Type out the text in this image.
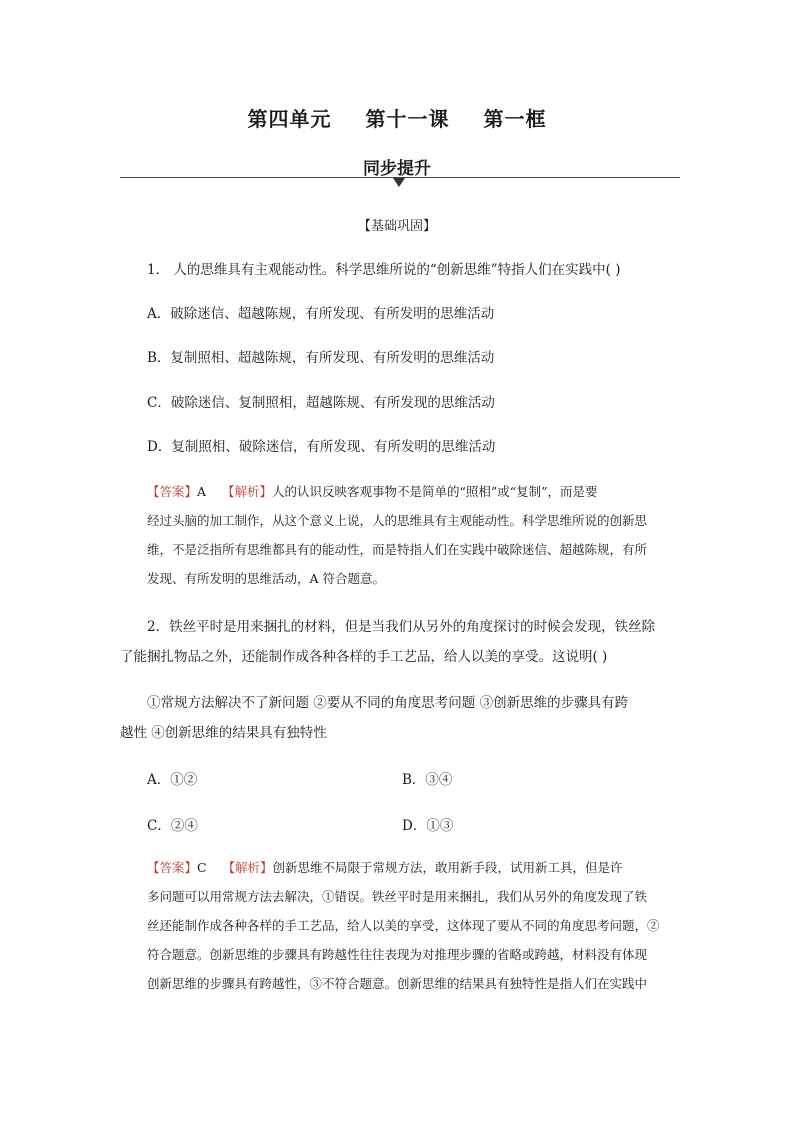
第四单元 第十一课 第一框
同步提升
【基础巩固】
1． 人的思维具有主观能动性。科学思维所说的“创新思维”特指人们在实践中( )
A．破除迷信、超越陈规，有所发现、有所发明的思维活动
B．复制照相、超越陈规，有所发现、有所发明的思维活动
C．破除迷信、复制照相，超越陈规、有所发现的思维活动
D．复制照相、破除迷信，有所发现、有所发明的思维活动
【答案】A 【解析】人的认识反映客观事物不是简单的“照相”或“复制”，而是要
经过头脑的加工制作，从这个意义上说，人的思维具有主观能动性。科学思维所说的创新思
维，不是泛指所有思维都具有的能动性，而是特指人们在实践中破除迷信、超越陈规，有所
发现、有所发明的思维活动，A 符合题意。
2．铁丝平时是用来捆扎的材料，但是当我们从另外的角度探讨的时候会发现，铁丝除
了能捆扎物品之外，还能制作成各种各样的手工艺品，给人以美的享受。这说明( )
①常规方法解决不了新问题 ②要从不同的角度思考问题 ③创新思维的步骤具有跨
越性 ④创新思维的结果具有独特性
A．①②	B．③④
C．②④	D．①③
【答案】C 【解析】创新思维不局限于常规方法，敢用新手段，试用新工具，但是许
多问题可以用常规方法去解决，①错误。铁丝平时是用来捆扎，我们从另外的角度发现了铁
丝还能制作成各种各样的手工艺品，给人以美的享受，这体现了要从不同的角度思考问题，②
符合题意。创新思维的步骤具有跨越性往往表现为对推理步骤的省略或跨越，材料没有体现
创新思维的步骤具有跨越性，③不符合题意。创新思维的结果具有独特性是指人们在实践中
